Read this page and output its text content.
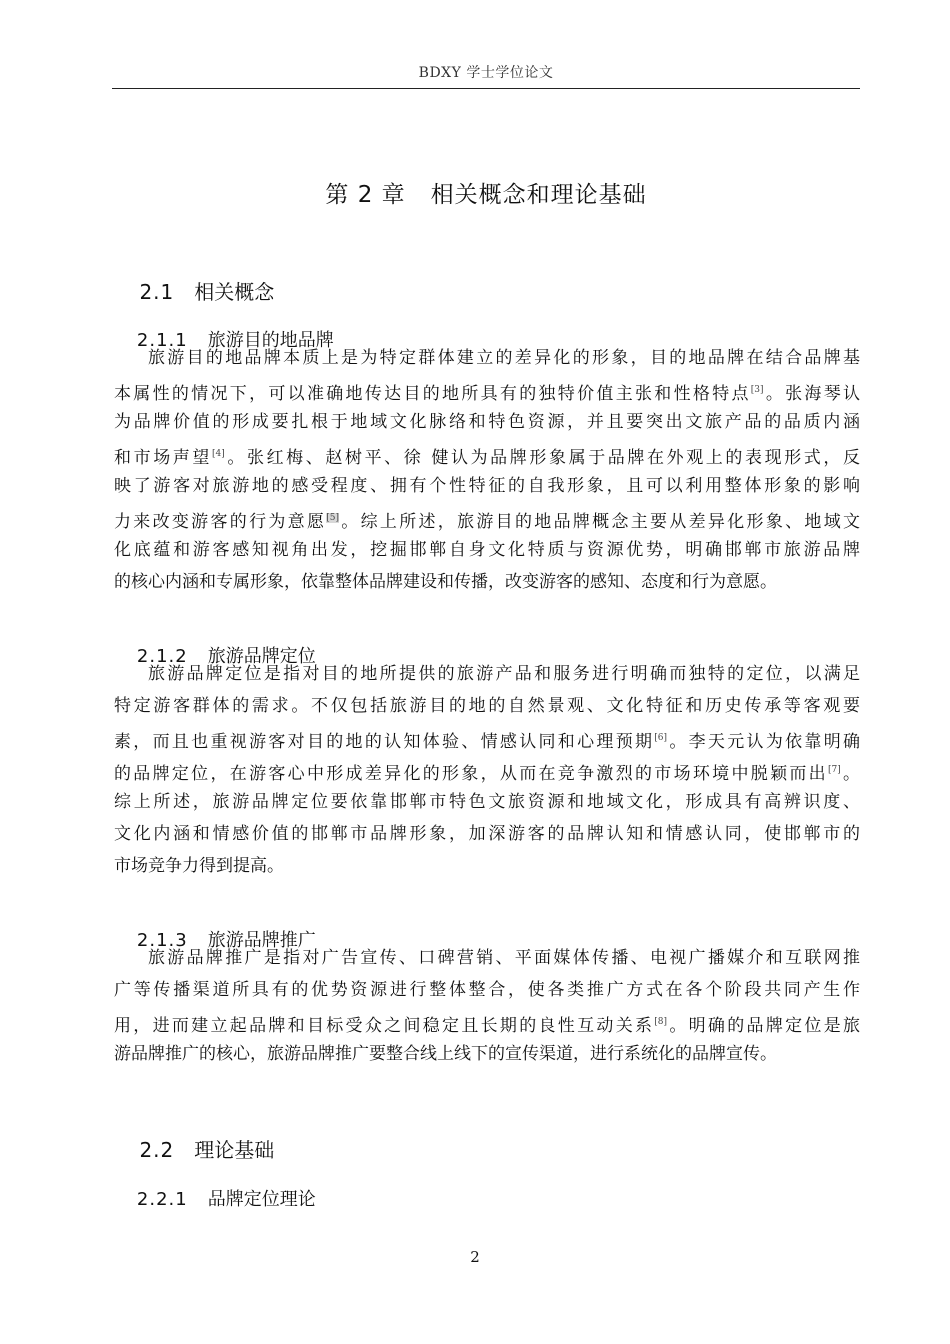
BDXY 学士学位论文
第 2 章   相关概念和理论基础

2.1 相关概念

2.1.1 旅游目的地品牌

旅游目的地品牌本质上是为特定群体建立的差异化的形象，目的地品牌在结合品牌基
本属性的情况下，可以准确地传达目的地所具有的独特价值主张和性格特点[3]。张海琴认
为品牌价值的形成要扎根于地域文化脉络和特色资源，并且要突出文旅产品的品质内涵
和市场声望[4]。张红梅、赵树平、徐 健认为品牌形象属于品牌在外观上的表现形式，反
映了游客对旅游地的感受程度、拥有个性特征的自我形象，且可以利用整体形象的影响
力来改变游客的行为意愿[5]。综上所述，旅游目的地品牌概念主要从差异化形象、地域文
化底蕴和游客感知视角出发，挖掘邯郸自身文化特质与资源优势，明确邯郸市旅游品牌
的核心内涵和专属形象，依靠整体品牌建设和传播，改变游客的感知、态度和行为意愿。

2.1.2 旅游品牌定位

旅游品牌定位是指对目的地所提供的旅游产品和服务进行明确而独特的定位，以满足
特定游客群体的需求。不仅包括旅游目的地的自然景观、文化特征和历史传承等客观要
素，而且也重视游客对目的地的认知体验、情感认同和心理预期[6]。李天元认为依靠明确
的品牌定位，在游客心中形成差异化的形象，从而在竞争激烈的市场环境中脱颖而出[7]。
综上所述，旅游品牌定位要依靠邯郸市特色文旅资源和地域文化，形成具有高辨识度、
文化内涵和情感价值的邯郸市品牌形象，加深游客的品牌认知和情感认同，使邯郸市的
市场竞争力得到提高。

2.1.3 旅游品牌推广

旅游品牌推广是指对广告宣传、口碑营销、平面媒体传播、电视广播媒介和互联网推
广等传播渠道所具有的优势资源进行整体整合，使各类推广方式在各个阶段共同产生作
用，进而建立起品牌和目标受众之间稳定且长期的良性互动关系[8]。明确的品牌定位是旅
游品牌推广的核心，旅游品牌推广要整合线上线下的宣传渠道，进行系统化的品牌宣传。

2.2 理论基础

2.2.1 品牌定位理论

2
